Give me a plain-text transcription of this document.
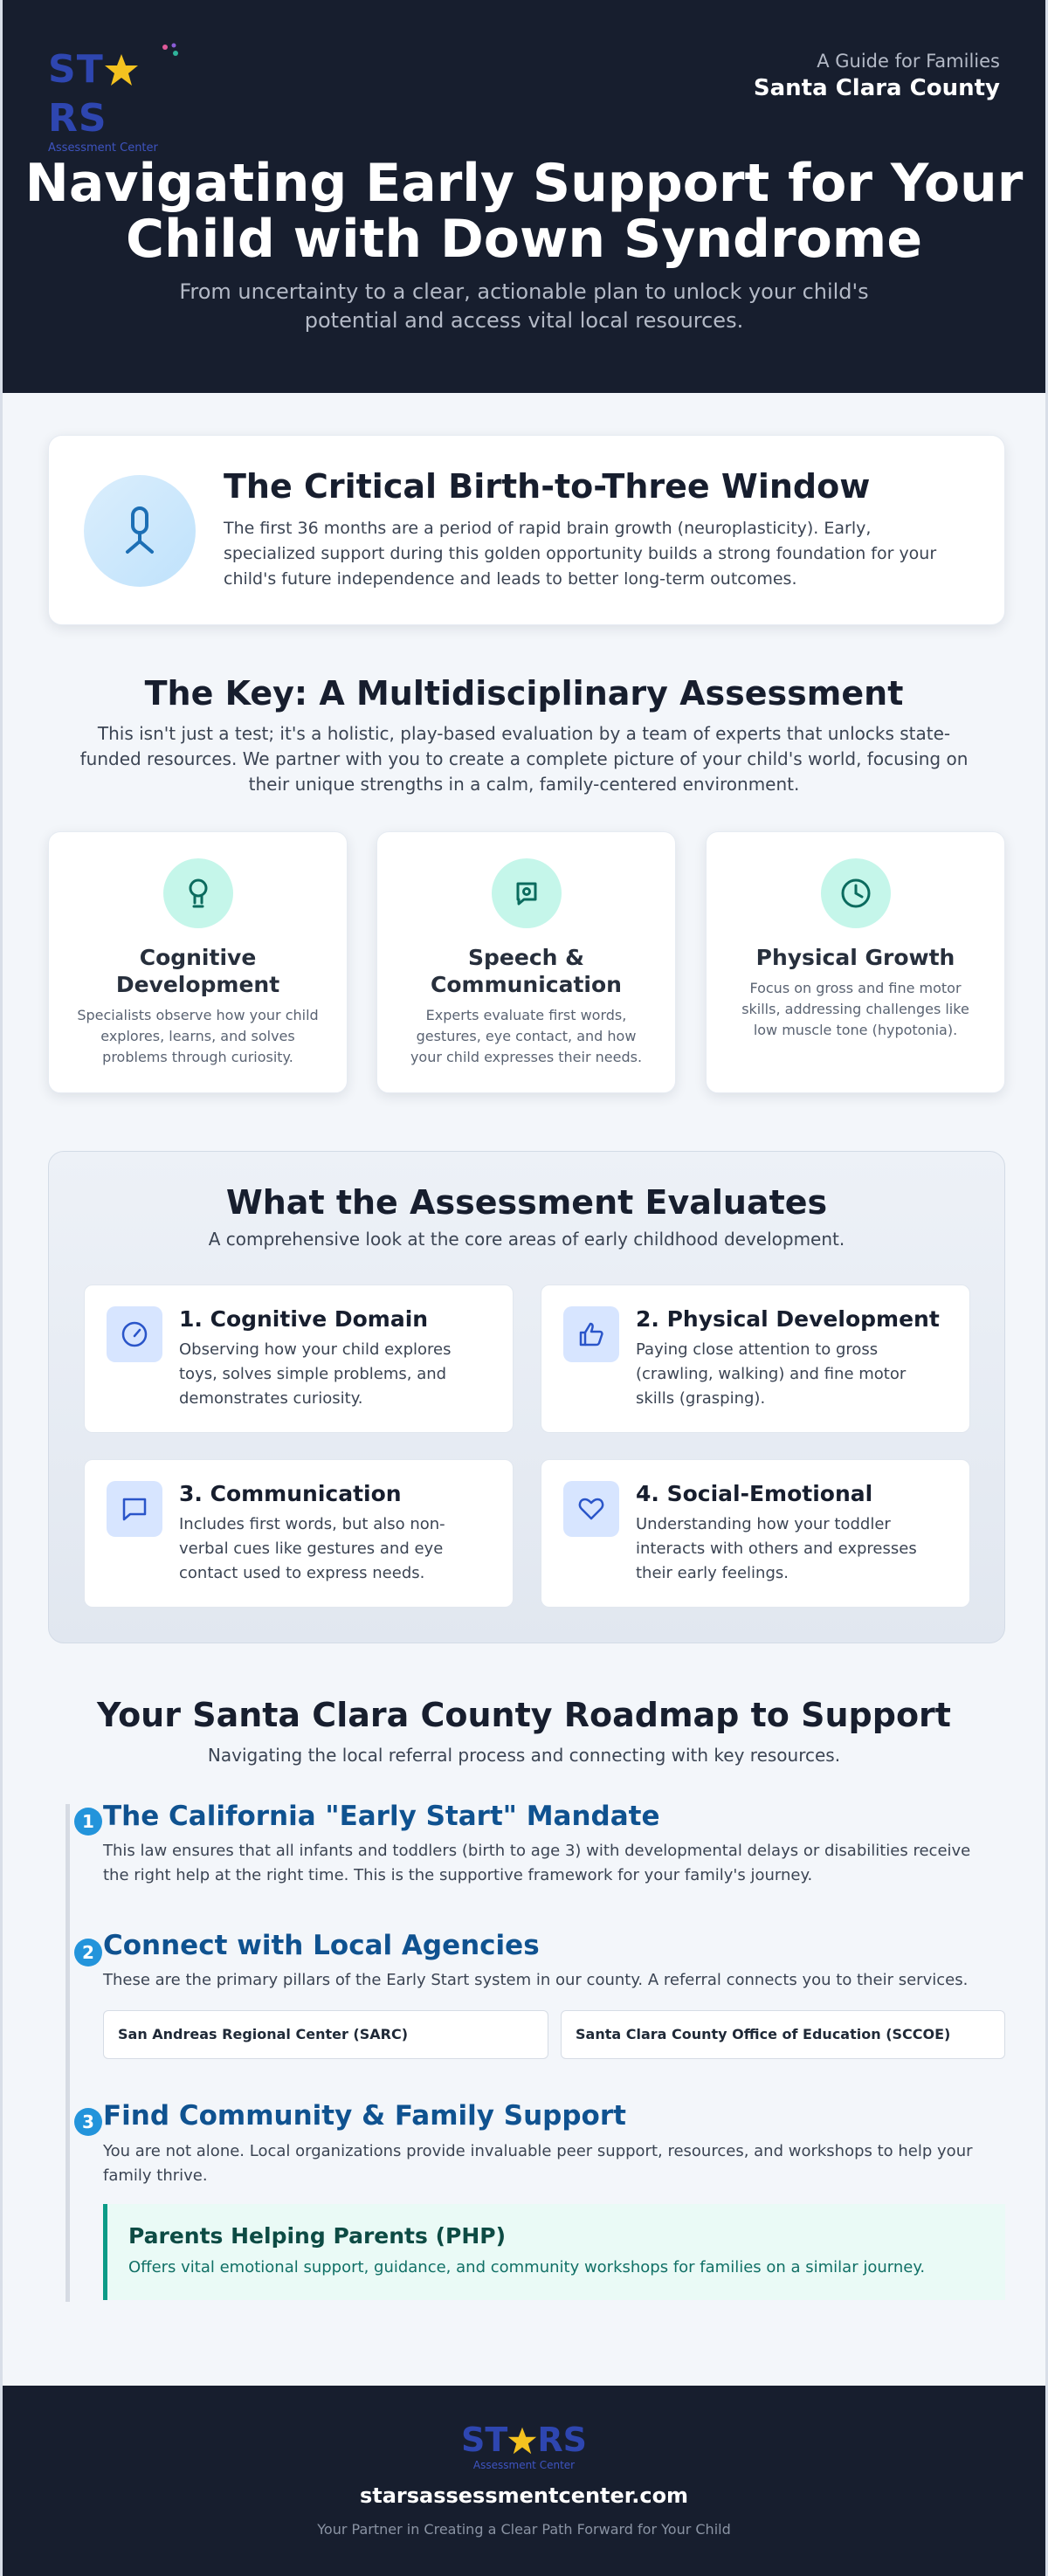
STRS
Assessment Center
A Guide for Families
Santa Clara County
Navigating Early Support for Your Child with Down Syndrome

From uncertainty to a clear, actionable plan to unlock your child's potential and access vital local resources.

The Critical Birth-to-Three Window

The first 36 months are a period of rapid brain growth (neuroplasticity). Early, specialized support during this golden opportunity builds a strong foundation for your child's future independence and leads to better long-term outcomes.

The Key: A Multidisciplinary Assessment

This isn't just a test; it's a holistic, play-based evaluation by a team of experts that unlocks state-funded resources. We partner with you to create a complete picture of your child's world, focusing on their unique strengths in a calm, family-centered environment.

Cognitive Development
Specialists observe how your child explores, learns, and solves problems through curiosity.
Speech & Communication
Experts evaluate first words, gestures, eye contact, and how your child expresses their needs.
Physical Growth
Focus on gross and fine motor skills, addressing challenges like low muscle tone (hypotonia).
What the Assessment Evaluates

A comprehensive look at the core areas of early childhood development.

1. Cognitive Domain
Observing how your child explores toys, solves simple problems, and demonstrates curiosity.
2. Physical Development
Paying close attention to gross (crawling, walking) and fine motor skills (grasping).
3. Communication
Includes first words, but also non-verbal cues like gestures and eye contact used to express needs.
4. Social-Emotional
Understanding how your toddler interacts with others and expresses their early feelings.
Your Santa Clara County Roadmap to Support

Navigating the local referral process and connecting with key resources.

1 The California "Early Start" Mandate

This law ensures that all infants and toddlers (birth to age 3) with developmental delays or disabilities receive the right help at the right time. This is the supportive framework for your family's journey.

2 Connect with Local Agencies

These are the primary pillars of the Early Start system in our county. A referral connects you to their services.

San Andreas Regional Center (SARC)	Santa Clara County Office of Education (SCCOE)
3 Find Community & Family Support

You are not alone. Local organizations provide invaluable peer support, resources, and workshops to help your family thrive.

Parents Helping Parents (PHP)
Offers vital emotional support, guidance, and community workshops for families on a similar journey.
ST RS
Assessment Center
starsassessmentcenter.com
Your Partner in Creating a Clear Path Forward for Your Child
